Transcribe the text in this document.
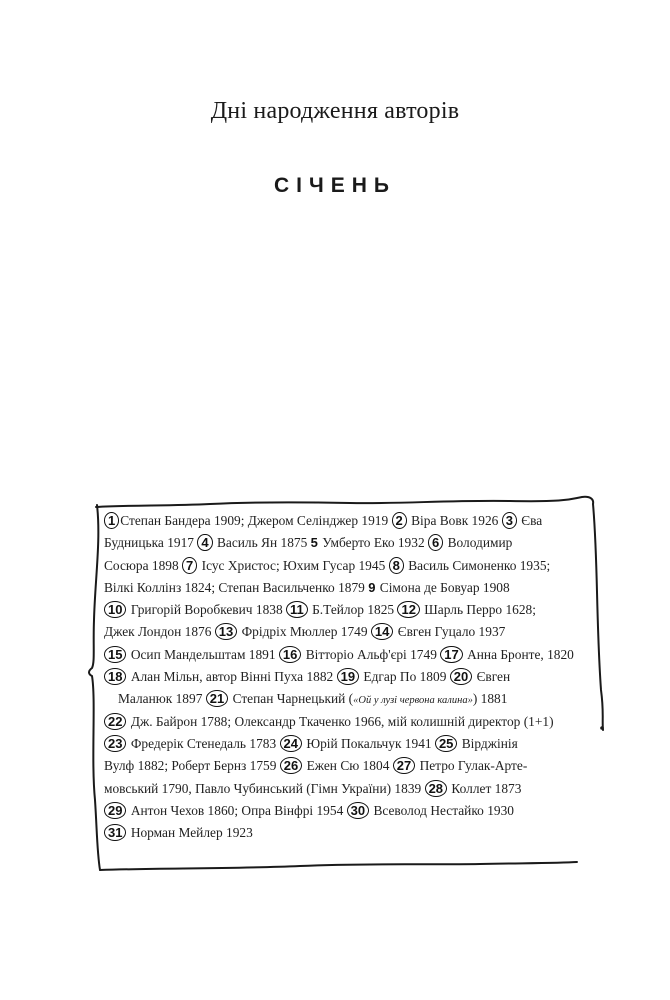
Дні народження авторів
СІЧЕНЬ
1 Степан Бандера 1909; Джером Селінджер 1919 2 Віра Вовк 1926 3 Єва
Будницька 1917 4 Василь Ян 1875 5 Умберто Еко 1932 6 Володимир
Сосюра 1898 7 Ісус Христос; Юхим Гусар 1945 8 Василь Симоненко 1935;
Вілкі Коллінз 1824; Степан Васильченко 1879 9 Сімона де Бовуар 1908
10 Григорій Воробкевич 1838 11 Б.Тейлор 1825 12 Шарль Перро 1628;
Джек Лондон 1876 13 Фрідріх Мюллер 1749 14 Євген Гуцало 1937
15 Осип Мандельштам 1891 16 Вітторіо Альф'єрі 1749 17 Анна Бронте, 1820
18 Алан Мільн, автор Вінні Пуха 1882 19 Едгар По 1809 20 Євген
Маланюк 1897 21 Степан Чарнецький («Ой у лузі червона калина») 1881
22 Дж. Байрон 1788; Олександр Ткаченко 1966, мій колишній директор (1+1)
23 Фредерік Стенедаль 1783 24 Юрій Покальчук 1941 25 Вірджінія
Вулф 1882; Роберт Бернз 1759 26 Ежен Сю 1804 27 Петро Гулак-Арте-
мовський 1790, Павло Чубинський (Гімн України) 1839 28 Коллет 1873
29 Антон Чехов 1860; Опра Вінфрі 1954 30 Всеволод Нестайко 1930
31 Норман Мейлер 1923
